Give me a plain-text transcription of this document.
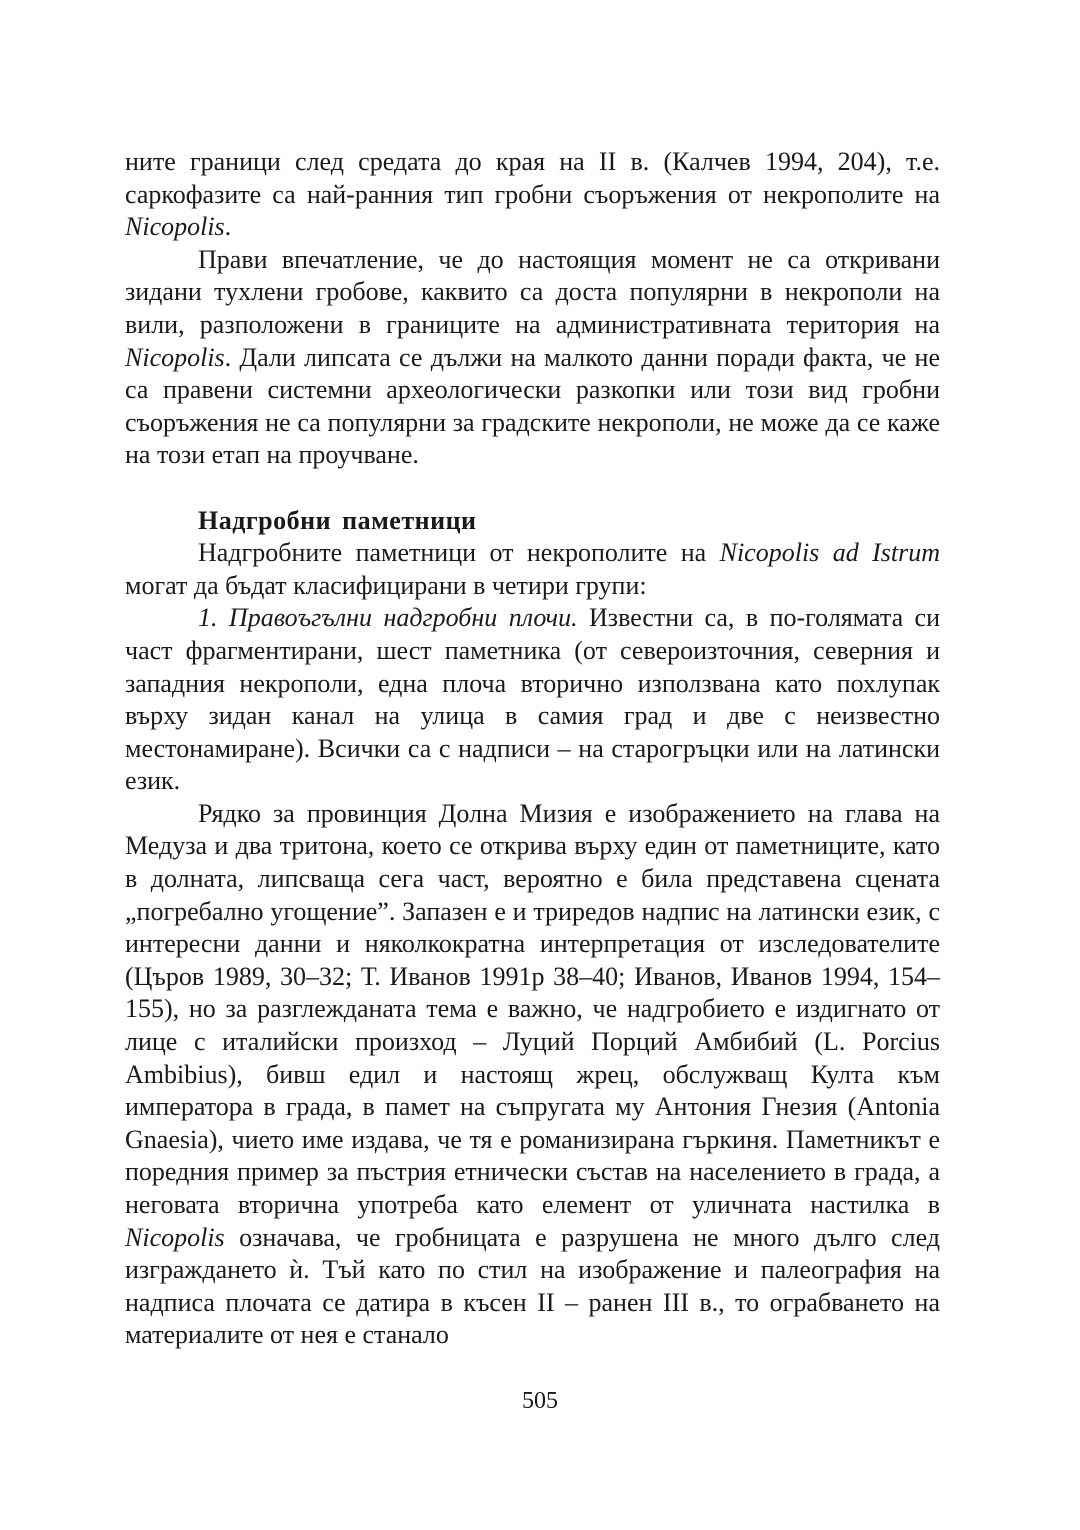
ните граници след средата до края на II в. (Калчев 1994, 204), т.е. саркофазите са най-ранния тип гробни съоръжения от некрополите на Nicopolis.

Прави впечатление, че до настоящия момент не са откривани зидани тухлени гробове, каквито са доста популярни в некрополи на вили, разположени в границите на административната територия на Nicopolis. Дали липсата се дължи на малкото данни поради факта, че не са правени системни археологически разкопки или този вид гробни съоръжения не са популярни за градските некрополи, не може да се каже на този етап на проучване.

Надгробни паметници

Надгробните паметници от некрополите на Nicopolis ad Istrum могат да бъдат класифицирани в четири групи:

1. Правоъгълни надгробни плочи. Известни са, в по-голямата си част фрагментирани, шест паметника (от североизточния, северния и западния некрополи, една плоча вторично използвана като похлупак върху зидан канал на улица в самия град и две с неизвестно местонамиране). Всички са с надписи – на старогръцки или на латински език.

Рядко за провинция Долна Мизия е изображението на глава на Медуза и два тритона, което се открива върху един от паметниците, като в долната, липсваща сега част, вероятно е била представена сцената „погребално угощение”. Запазен е и триредов надпис на латински език, с интересни данни и няколкократна интерпретация от изследователите (Църов 1989, 30–32; Т. Иванов 1991р 38–40; Иванов, Иванов 1994, 154–155), но за разглежданата тема е важно, че надгробието е издигнато от лице с италийски произход – Луций Порций Амбибий (L. Porcius Ambibius), бивш едил и настоящ жрец, обслужващ Култа към императора в града, в памет на съпругата му Антония Гнезия (Antonia Gnaesia), чието име издава, че тя е романизирана гъркиня. Паметникът е поредния пример за пъстрия етнически състав на населението в града, а неговата вторична употреба като елемент от уличната настилка в Nicopolis означава, че гробницата е разрушена не много дълго след изграждането ѝ. Тъй като по стил на изображение и палеография на надписа плочата се датира в късен II – ранен III в., то ограбването на материалите от нея е станало

505
